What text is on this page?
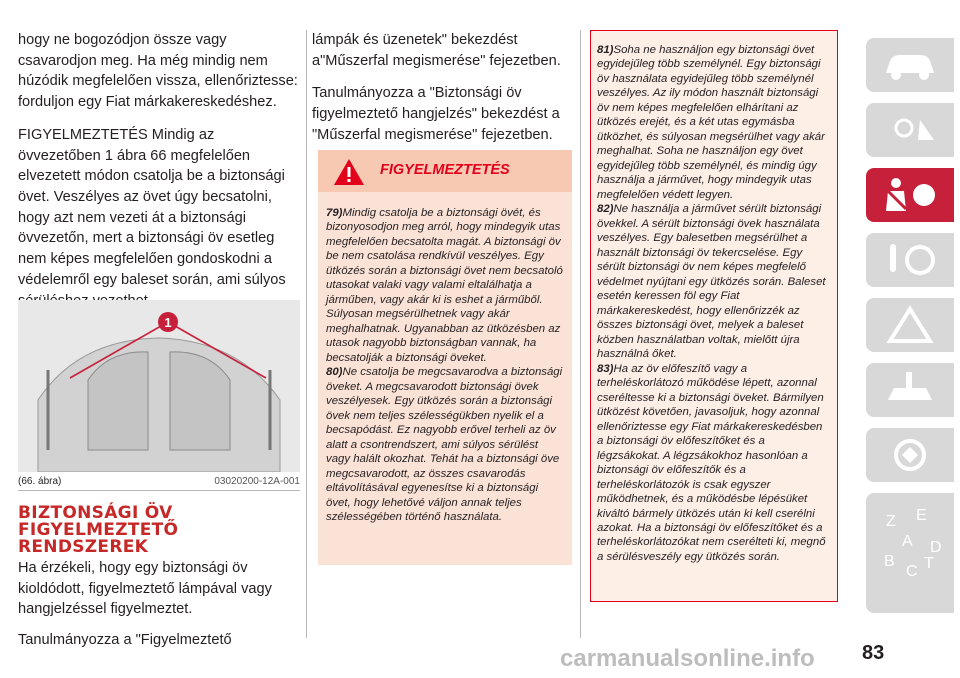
hogy ne bogozódjon össze vagy csavarodjon meg. Ha még mindig nem húzódik megfelelően vissza, ellenőriztesse: forduljon egy Fiat márkakereskedéshez.

FIGYELMEZTETÉS Mindig az övvezetőben 1 ábra 66 megfelelően elvezetett módon csatolja be a biztonsági övet. Veszélyes az övet úgy becsatolni, hogy azt nem vezeti át a biztonsági övvezetőn, mert a biztonsági öv esetleg nem képes megfelelően gondoskodni a védelemről egy baleset során, ami súlyos

1
(66. ábra)	03020200-12A-001
BIZTONSÁGI ÖV FIGYELMEZTETŐ RENDSZEREK

Ha érzékeli, hogy egy biztonsági öv kioldódott, figyelmeztető lámpával vagy hangjelzéssel figyelmeztet.

Tanulmányozza a "Figyelmeztető

lámpák és üzenetek" bekezdést a"Műszerfal megismerése" fejezetben.

Tanulmányozza a "Biztonsági öv figyelmeztető hangjelzés" bekezdést a "Műszerfal megismerése" fejezetben.

FIGYELMEZTETÉS
79)Mindig csatolja be a biztonsági övét, és bizonyosodjon meg arról, hogy mindegyik utas megfelelően becsatolta magát. A biztonsági öv be nem csatolása rendkívül veszélyes. Egy ütközés során a biztonsági övet nem becsatoló utasokat valaki vagy valami eltalálhatja a járműben, vagy akár ki is eshet a járműből. Súlyosan megsérülhetnek vagy akár meghalhatnak. Ugyanabban az ütközésben az utasok nagyobb biztonságban vannak, ha becsatolják a biztonsági öveket.
80)Ne csatolja be megcsavarodva a biztonsági öveket. A megcsavarodott biztonsági övek veszélyesek. Egy ütközés során a biztonsági övek nem teljes szélességükben nyelik el a becsapódást. Ez nagyobb erővel terheli az öv alatt a csontrendszert, ami súlyos sérülést vagy halált okozhat. Tehát ha a biztonsági öve megcsavarodott, az összes csavarodás eltávolításával egyenesítse ki a biztonsági övet, hogy lehetővé váljon annak teljes szélességében történő használata.
81)Soha ne használjon egy biztonsági övet egyidejűleg több személynél. Egy biztonsági öv használata egyidejűleg több személynél veszélyes. Az ily módon használt biztonsági öv nem képes megfelelően elhárítani az ütközés erejét, és a két utas egymásba ütközhet, és súlyosan megsérülhet vagy akár meghalhat. Soha ne használjon egy övet egyidejűleg több személynél, és mindig úgy használja a járművet, hogy mindegyik utas megfelelően védett legyen.
82)Ne használja a járművet sérült biztonsági övekkel. A sérült biztonsági övek használata veszélyes. Egy balesetben megsérülhet a használt biztonsági öv tekercselése. Egy sérült biztonsági öv nem képes megfelelő védelmet nyújtani egy ütközés során. Baleset esetén keressen föl egy Fiat márkakereskedést, hogy ellenőrizzék az összes biztonsági övet, melyek a baleset közben használatban voltak, mielőtt újra használná őket.
83)Ha az öv előfeszítő vagy a terheléskorlátozó működése lépett, azonnal cseréltesse ki a biztonsági öveket. Bármilyen ütközést követően, javasoljuk, hogy azonnal ellenőriztesse egy Fiat márkakereskedésben a biztonsági öv előfeszítőket és a légzsákokat. A légzsákokhoz hasonlóan a biztonsági öv előfeszítők és a terheléskorlátozók is csak egyszer működhetnek, és a működésbe lépésüket kiváltó bármely ütközés után ki kell cserélni azokat. Ha a biztonsági öv előfeszítőket és a terheléskorlátozókat nem cserélteti ki, megnő a sérülésveszély egy ütközés során.
Z E
A
B
C T
D
carmanualsonline.info 83
